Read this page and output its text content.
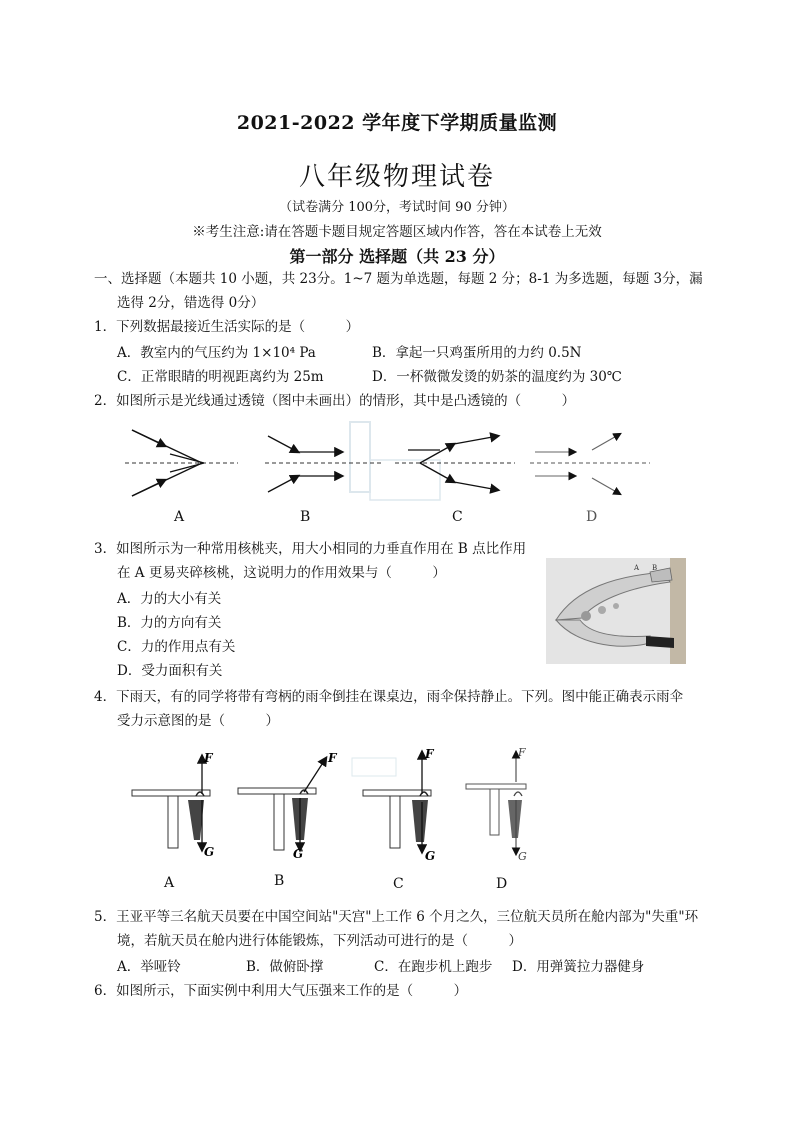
2021-2022 学年度下学期质量监测
八年级物理试卷
（试卷满分 100分，考试时间 90 分钟）
※考生注意:请在答题卡题目规定答题区域内作答，答在本试卷上无效
第一部分 选择题（共 23 分）
一、选择题（本题共 10 小题，共 23分。1~7 题为单选题，每题 2 分；8-1 为多选题，每题 3分，漏
选得 2分，错选得 0分）
1．下列数据最接近生活实际的是（　　　）
A．教室内的气压约为 1×10⁴ Pa	B．拿起一只鸡蛋所用的力约 0.5N
C．正常眼睛的明视距离约为 25m	D．一杯微微发烫的奶茶的温度约为 30℃
2．如图所示是光线通过透镜（图中未画出）的情形，其中是凸透镜的（　　　）
A	B	C	D
3．如图所示为一种常用核桃夹，用大小相同的力垂直作用在 B 点比作用
在 A 更易夹碎核桃，这说明力的作用效果与（　　　）
A．力的大小有关
B．力的方向有关
C．力的作用点有关
D．受力面积有关
A B
4．下雨天，有的同学将带有弯柄的雨伞倒挂在课桌边，雨伞保持静止。下列。图中能正确表示雨伞
受力示意图的是（　　　）
F
G
F
G
F
G
F
G
A	B	C	D
5．王亚平等三名航天员要在中国空间站"天宫"上工作 6 个月之久，三位航天员所在舱内部为"失重"环
境，若航天员在舱内进行体能锻炼，下列活动可进行的是（　　　）
A．举哑铃	B．做俯卧撑	C．在跑步机上跑步 D．用弹簧拉力器健身
6．如图所示，下面实例中利用大气压强来工作的是（　　　）
